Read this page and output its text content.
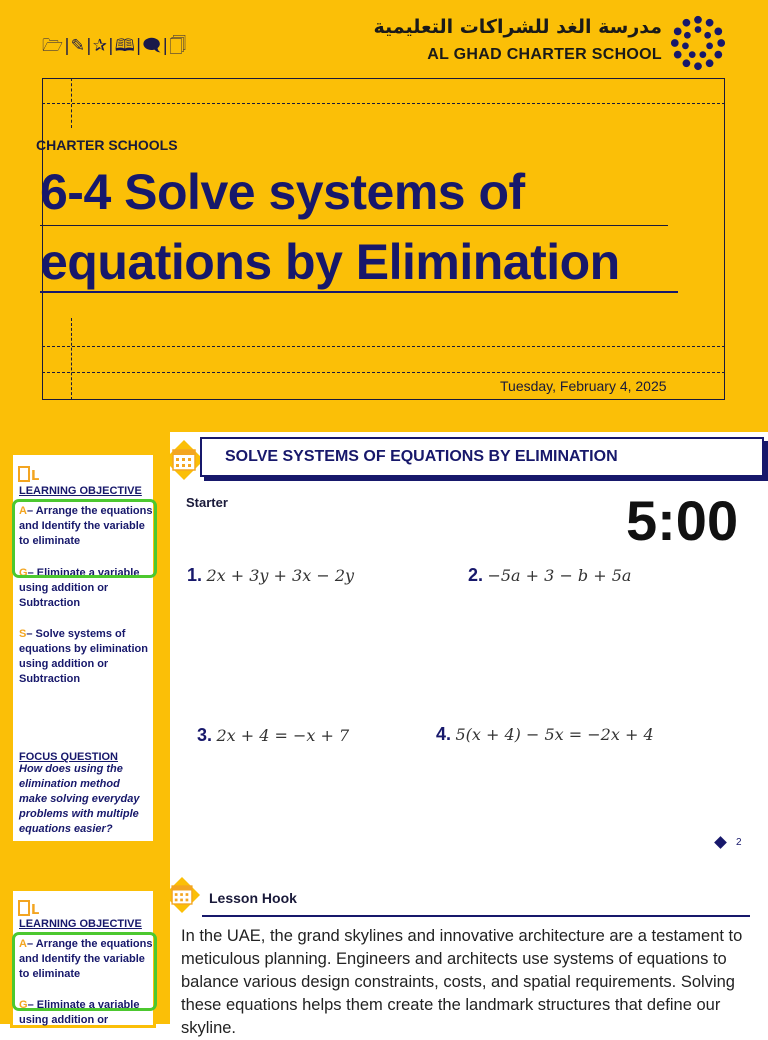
🗁|✎|✰|🕮|🗨|🗍
مدرسة الغد للشراكات التعليمية
AL GHAD CHARTER SCHOOL
CHARTER SCHOOLS
6-4 Solve systems of
equations by Elimination
Tuesday, February 4, 2025
L
LEARNING OBJECTIVE
A– Arrange the equations and Identify the variable to eliminate
G– Eliminate a variable using addition or Subtraction
S– Solve systems of equations by elimination using addition or Subtraction
FOCUS QUESTION
How does using the elimination method make solving everyday problems with multiple equations easier?
SOLVE SYSTEMS OF EQUATIONS BY ELIMINATION
Starter	5:00
1. 2x + 3y + 3x − 2y	2. −5a + 3 − b + 5a
3. 2x + 4 = −x + 7	4. 5(x + 4) − 5x = −2x + 4
2
L
LEARNING OBJECTIVE
A– Arrange the equations and Identify the variable to eliminate
G– Eliminate a variable using addition or
Lesson Hook
In the UAE, the grand skylines and innovative architecture are a testament to meticulous planning. Engineers and architects use systems of equations to balance various design constraints, costs, and spatial requirements. Solving these equations helps them create the landmark structures that define our skyline.
